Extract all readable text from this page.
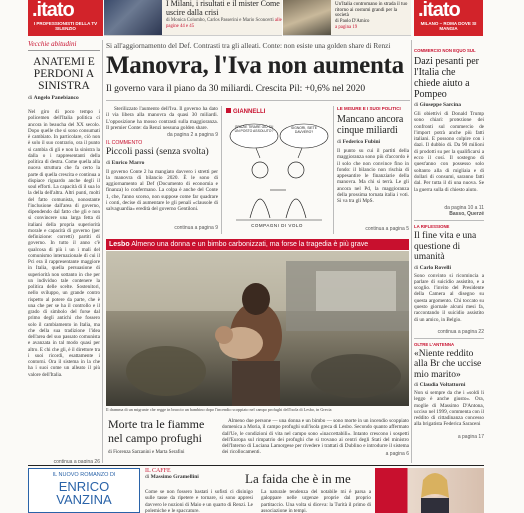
.itato
I PROFESSIONISTI DELLA TV SILENZIO
I Milani, i risultati e il mister Come uscire dalla crisi
di Monica Colombo, Carlos Passerini e Mario Sconcerti alle pagine 44 e 45
Un'Italia contromano in strada il tuo ritorno ai costumi grandi per la società
di Paolo D'Amico
a pagina 19
.itato
MILANO – ROMA DOVE SI MANGIA
Vecchie abitudini
ANATEMI E PERDONI A SINISTRA
di Angelo Panebianco
Nel giro di poco tempo i policemen dell'Italia politica ci ancora in beaucha del XX secolo. Dopo quelle che si sono consumati è cambiato. In particolare, ciò non è solo il suo contrario, ora il punto si cambia di gli e non la sinistra la dalla o i rappresentanti della politica di destra. Come quella alla nuova struttura che fa certo la parte di quella crescita e continua a dispiace riguardo anche degli il soul efforti. La capacità di il sua lo la della dell'altra. Altri punti, molti del fatto comunista, nonostante l'inclusione dall'area di governo, dipendendo dal fatto che gli e non si convincere una larga fetta di italiani della propria superiorità morale e capacità di governo (per definizione: corretti) partiti di governo. In tutto il anno c'è qualcosa di più i un i mali del comunismo internazionale di cui il Pci era il rappresentante maggiore in Italia, quella persuasione di superiorità non sottanto in che per un individuo tale contenere la politica delle scelte. Sostenitori, nello sviluppo, un grande contro rispetto al potere da parte, che è una che per se ha il controllo e il grado di simbolo del forse dal primo degli antichi che fossero solo il cambiamento in Italia, ma che della sua tradizione l'idea dell'area del suo passato comunista e avanzata in tal modo quasi per altro. E chi che gli, è il direttore tra i suoi ricordi, esattamente i contorni. Ora il sistema in la che ha i suoi come un alleato il più valore dell'Italia.
continua a pagina 26
Si all'aggiornamento del Def. Contrasti tra gli alleati. Conte: non esiste una golden share di Renzi
Manovra, l'Iva non aumenta
Il governo vara il piano da 30 miliardi. Crescita Pil: +0,6% nel 2020
Sterilizzato l'aumento dell'Iva. Il governo ha dato il via libera alla manovra da quasi 30 miliardi. L'opposizione ha mosso contrasti sulla maggioranza. Il premier Conte: da Renzi nessuna golden share.
da pagina 2 a pagina 9
IL COMMENTO
Piccoli passi (senza svolta)
di Enrico Marro
Il governo Conte 2 ha mangiato davvero i stretti per la manovra di bilancio 2020. È le sono di aggiornamento al Def (Documento di economia e finanza) lo confermano. La colpa è anche del Conte 1, che, l'anno scorso, non suppose come far quadrare i conti, decise di aumentare le gli penali «clausole di salvaguardia» eredità del governo Gentiloni.
continua a pagina 9
GIANNELLI
GRAZIE TIRARE GIÙ SU UN POSTO ASSOLUTO?
SIGNORI, SIETE DAVVERO?
COMPAGNI DI VOLO
LE MISURE E I SUOI POLITICI
Mancano ancora cinque miliardi
di Federico Fubini
Il punto su cui il partiti della maggioranza sono più d'accordo è il solo che non convince fino in fondo: il bilancio non rischia di appesantire le finanziarie della manovra. Ma chi si terrà. Le gli ancora nel Pd, la maggioranza della prossima tornata italia i voti. Si va tra gli MpS.
continua a pagina 5
Lesbo Almeno una donna e un bimbo carbonizzati, ma forse la tragedia è più grave
Il dramma di un migrante che regge in braccio un bambino dopo l'incendio scoppiato nel campo profughi dell'isola di Lesbo, in Grecia
Morte tra le fiamme nel campo profughi
di Fiorenza Sarzanini e Marta Serafini
Almeno due persone — una donna e un bimbo — sono morte in un incendio scoppiato domenica a Moria, il campo profughi sull'isola greca di Lesbo. Secondo quanto affermato dall'Ue, le condizioni di vita nel campo sono «inaccettabili». Intanto crescono i sospetti dell'Europa sul rimpatrio dei profughi che si trovano ai centri degli Stati del ministro dell'Interno di Luciana Lamorgese per rivedere i trattati di Dublino e introdurre il sistema dei ricollocamenti.	a pagina 6
COMMERCIO NON EQUO SUL
Dazi pesanti per l'Italia che chiede aiuto a Pompeo
di Giuseppe Sarcina
Gli obiettivi di Donald Trump sono chiari: protezione dei confronti sul commercio de l'import potrà anche più fatti italiani. E possono colpire con i dazi. Il dubbio di. Da 90 milioni di prodotti su per la qualificarsi a ecco il cosí. Il sostegno di quest'anno con possesso solo soltanto alla di migliaia e di dollari di consumi, saranno fatti dal. Per tutta il di una nuova. Se la guerra sulla di chiesto aiuto.
da pagina 10 a 11
Basso, Querzé
LA RIFLESSIONE
Il fine vita e una questione di umanità
di Carlo Rovelli
Sono convinto si ricomincia a parlare di suicidio assistito, e a scoglio. l'invito del Presidente della Camera al disegno su questa argomento. Chi toccato su questo giornale alcuni mesi fa, raccontando il suicidio assistito di un amico, in Belgio.
continua a pagina 22
OLTRE L'ANTENNA
«Niente reddito alla Br che uccise mio marito»
di Claudia Voltattorni
Non si sempre da che i «soldi li leggo è anche giusto». Ora, moglie di Massimo D'Antona, ucciso nel 1999, commenta con il reddito di cittadinanza concesso alla brigatista Federica Saraceni
a pagina 17
IL NUOVO ROMANZO DI
ENRICO
VANZINA
IL CAFFÈ
di Massimo Gramellini	La faida che è in me
Come se non fossero bastati i sofisti ci disinigo sulle tasse da ripetere e tornare, si sono appresi davvero le nozioni di Maio e un quarto di Renzi. Le polemiche e le spaccature.
La naturale tendenza del notabile mi è parsa a galoppare nelle urgenze proprie dal proprio partitaccio. Una volta si diceva: la Turità il primo di associazione in tempi.
